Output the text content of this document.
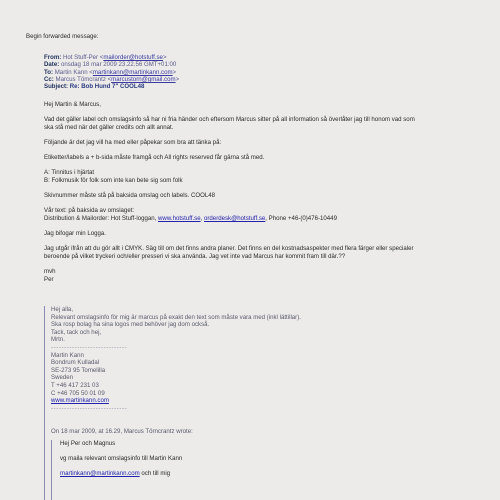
Begin forwarded message:
From: Hot Stuff-Per <mailorder@hotstuff.se>
Date: onsdag 18 mar 2009 23.22.56 GMT+01:00
To: Martin Kann <martinkann@martinkann.com>
Cc: Marcus Tömcrantz <marcustorn@gmail.com>
Subject: Re: Bob Hund 7" COOL48

Hej Martin & Marcus,

Vad det gäller label och omslagsinfo så har ni fria händer och eftersom Marcus sitter på all information så överlåter jag till honom vad som

ska stå med när det gäller credits och allt annat.

Följande är det jag vill ha med eller påpekar som bra att tänka på:

Etiketter/labels a + b-sida måste framgå och All rights reserved får gärna stå med.

A: Tinnitus i hjärtat

B: Folkmusik för folk som inte kan bete sig som folk

Skivnummer måste stå på baksida omslag och labels. COOL48

Vår text: på baksida av omslaget:

Distribution & Mailorder: Hot Stuff-loggan, www.hotstuff.se, orderdesk@hotstuff.se, Phone +46-(0)476-10449

Jag bifogar min Logga.

Jag utgår ifrån att du gör allt i CMYK. Säg till om det finns andra planer. Det finns en del kostnadsaspekter med flera färger eller specialer

beroende på vilket tryckeri och/eller presseri vi ska använda. Jag vet inte vad Marcus har kommit fram till där.??

mvh

Per

Hej alla,

Relevant omslagsinfo för mig är marcus på exakt den text som måste vara med (inkl lättillar).

Ska rosp bolag ha sina logos med behöver jag dom också.

Tack, tack och hej,

Mrtn.

-----------------------------

Martin Kann

Bondrum Kulladal

SE-273 95 Tomelilla

Sweden

T +46 417 231 03

C +46 705 50 01 09

www.martinkann.com

-----------------------------

On 18 mar 2009, at 16.29, Marcus Törncrantz wrote:

Hej Per och Magnus

vg maila relevant omslagsinfo till Martin Kann

martinkann@martinkann.com och till mig
